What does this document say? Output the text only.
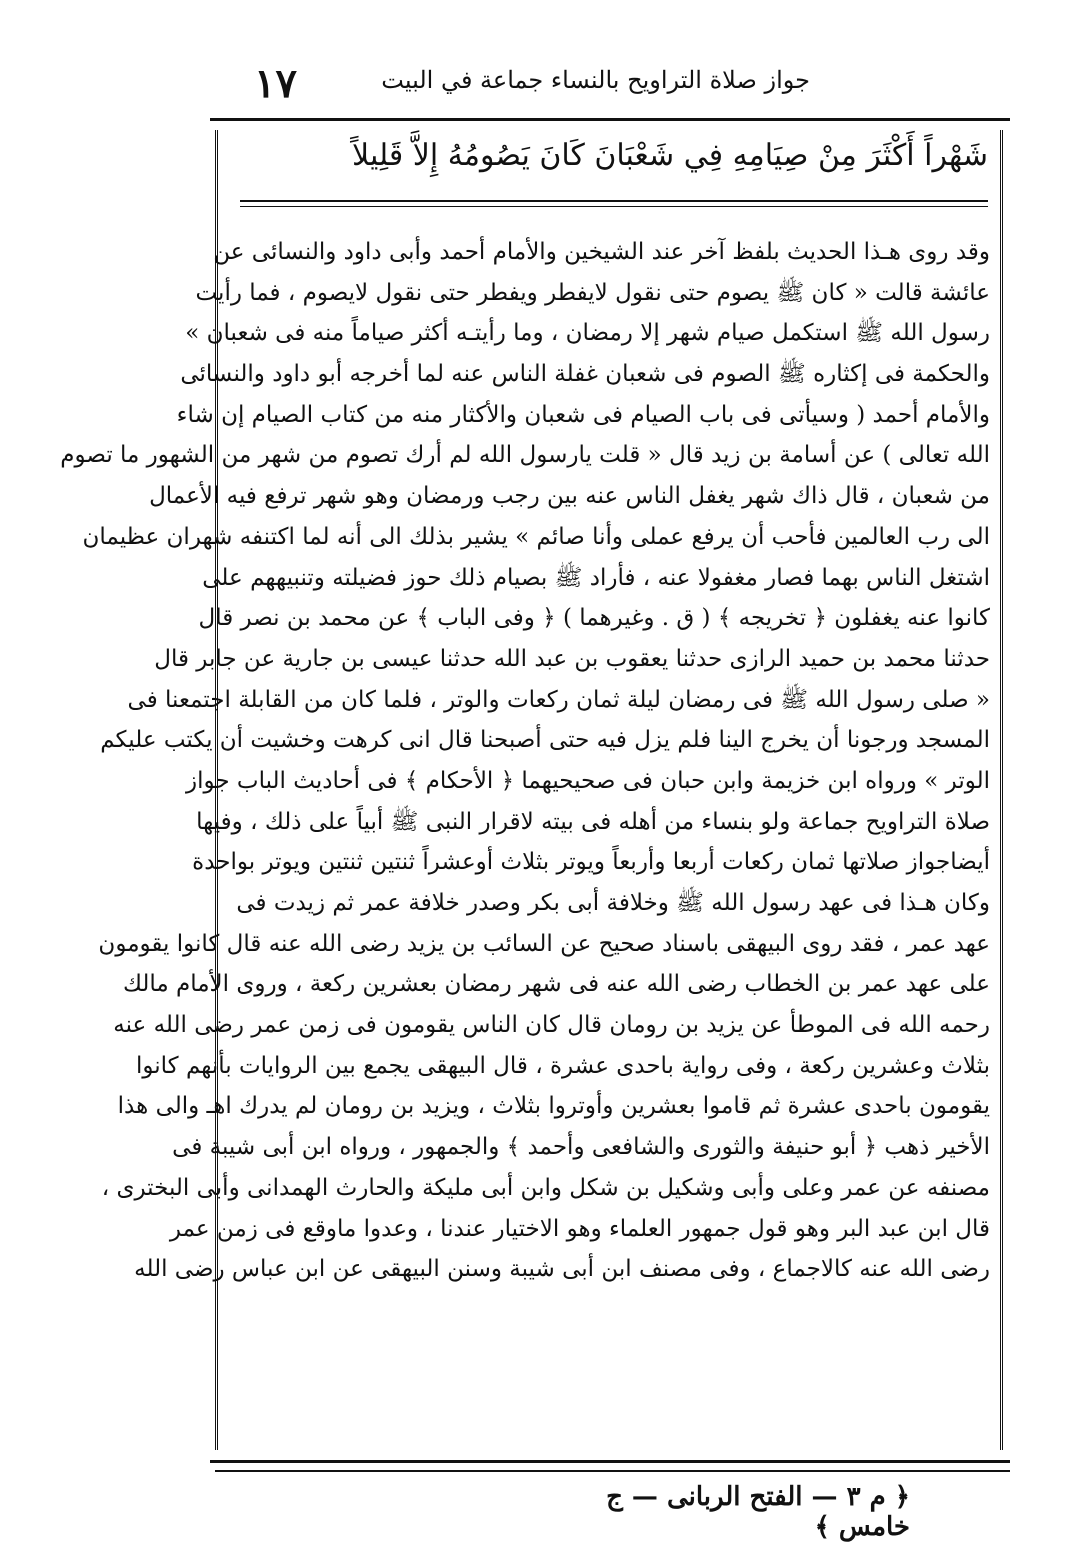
١٧	جواز صلاة التراويح بالنساء جماعة في البيت
شَهْراً أَكْثَرَ مِنْ صِيَامِهِ فِي شَعْبَانَ كَانَ يَصُومُهُ إِلاَّ قَلِيلاً
وقد روى هـذا الحديث بلفظ آخر عند الشيخين والأمام أحمد وأبى داود والنسائى عن
عائشة قالت « كان ﷺ يصوم حتى نقول لايفطر ويفطر حتى نقول لايصوم ، فما رأيت
رسول الله ﷺ استكمل صيام شهر إلا رمضان ، وما رأيتـه أكثر صياماً منه فى شعبان »
والحكمة فى إكثاره ﷺ الصوم فى شعبان غفلة الناس عنه لما أخرجه أبو داود والنسائى
والأمام أحمد ( وسيأتى فى باب الصيام فى شعبان والأكثار منه من كتاب الصيام إن شاء
الله تعالى ) عن أسامة بن زيد قال « قلت يارسول الله لم أرك تصوم من شهر من الشهور ما تصوم
من شعبان ، قال ذاك شهر يغفل الناس عنه بين رجب ورمضان وهو شهر ترفع فيه الأعمال
الى رب العالمين فأحب أن يرفع عملى وأنا صائم » يشير بذلك الى أنه لما اكتنفه شهران عظيمان
اشتغل الناس بهما فصار مغفولا عنه ، فأراد ﷺ بصيام ذلك حوز فضيلته وتنبيههم على
كانوا عنه يغفلون ﴿ تخريجه ﴾ ( ق . وغيرهما ) ﴿ وفى الباب ﴾ عن محمد بن نصر قال
حدثنا محمد بن حميد الرازى حدثنا يعقوب بن عبد الله حدثنا عيسى بن جارية عن جابر قال
« صلى رسول الله ﷺ فى رمضان ليلة ثمان ركعات والوتر ، فلما كان من القابلة اجتمعنا فى
المسجد ورجونا أن يخرج الينا فلم يزل فيه حتى أصبحنا قال انى كرهت وخشيت أن يكتب عليكم
الوتر » ورواه ابن خزيمة وابن حبان فى صحيحيهما ﴿ الأحكام ﴾ فى أحاديث الباب جواز
صلاة التراويح جماعة ولو بنساء من أهله فى بيته لاقرار النبى ﷺ أبياً على ذلك ، وفيها
أيضاجواز صلاتها ثمان ركعات أربعا وأربعاً ويوتر بثلاث أوعشراً ثنتين ثنتين ويوتر بواحدة
وكان هـذا فى عهد رسول الله ﷺ وخلافة أبى بكر وصدر خلافة عمر ثم زيدت فى
عهد عمر ، فقد روى البيهقى باسناد صحيح عن السائب بن يزيد رضى الله عنه قال كانوا يقومون
على عهد عمر بن الخطاب رضى الله عنه فى شهر رمضان بعشرين ركعة ، وروى الأمام مالك
رحمه الله فى الموطأ عن يزيد بن رومان قال كان الناس يقومون فى زمن عمر رضى الله عنه
بثلاث وعشرين ركعة ، وفى رواية باحدى عشرة ، قال البيهقى يجمع بين الروايات بأنهم كانوا
يقومون باحدى عشرة ثم قاموا بعشرين وأوتروا بثلاث ، ويزيد بن رومان لم يدرك اهـ والى هذا
الأخير ذهب ﴿ أبو حنيفة والثورى والشافعى وأحمد ﴾ والجمهور ، ورواه ابن أبى شيبة فى
مصنفه عن عمر وعلى وأبى وشكيل بن شكل وابن أبى مليكة والحارث الهمدانى وأبى البخترى ،
قال ابن عبد البر وهو قول جمهور العلماء وهو الاختيار عندنا ، وعدوا ماوقع فى زمن عمر
رضى الله عنه كالاجماع ، وفى مصنف ابن أبى شيبة وسنن البيهقى عن ابن عباس رضى الله
﴿ م ٣ — الفتح الربانى — ج خامس ﴾
